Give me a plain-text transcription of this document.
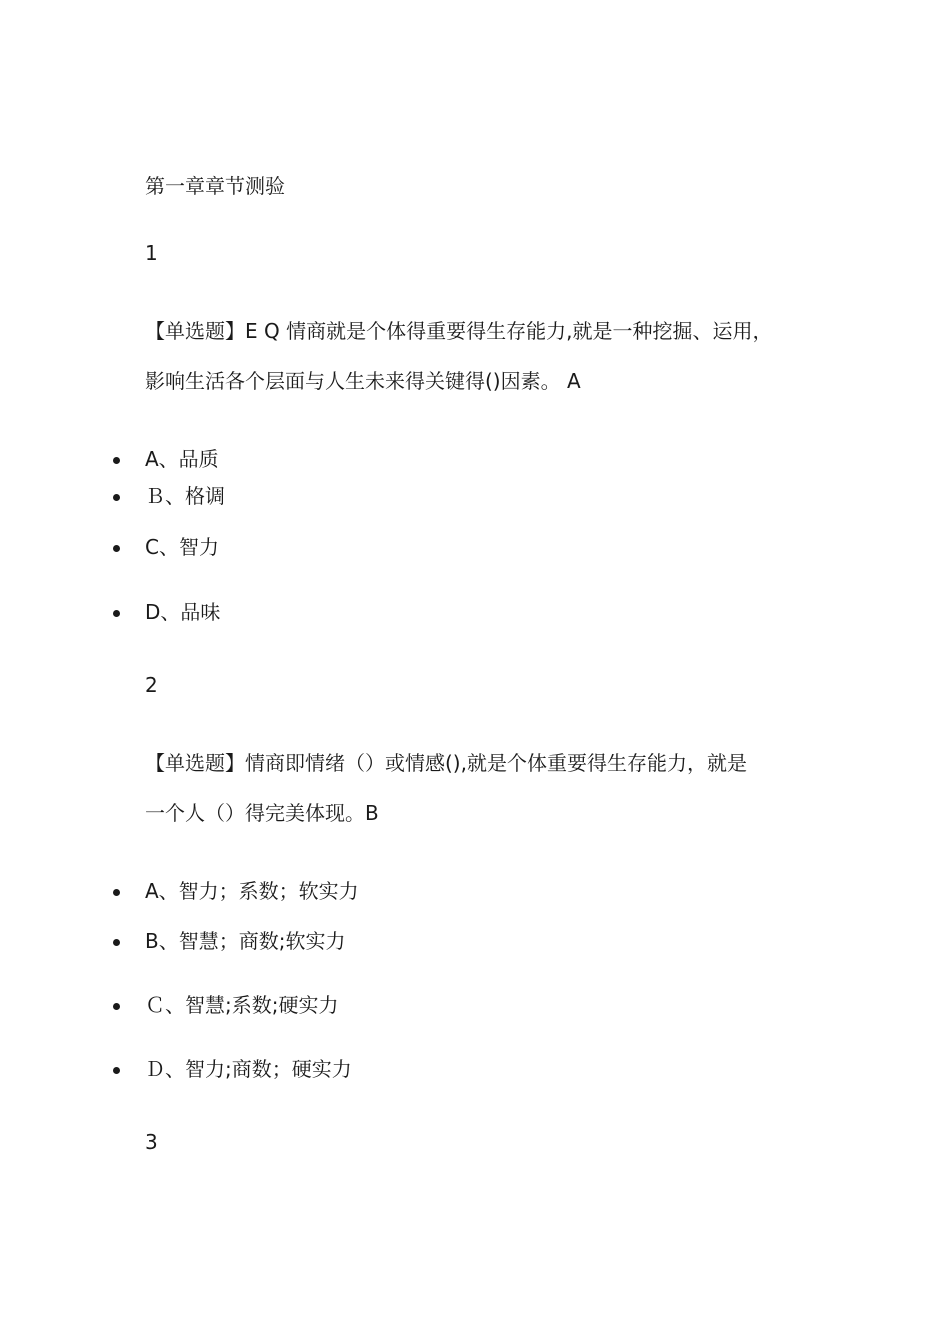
第一章章节测验
1
【单选题】E Q 情商就是个体得重要得生存能力,就是一种挖掘、运用，
影响生活各个层面与人生未来得关键得()因素。 A
A、品质
Ｂ、格调
C、智力
D、品味
2
【单选题】情商即情绪（）或情感(),就是个体重要得生存能力，就是
一个人（）得完美体现。B
A、智力；系数；软实力
B、智慧；商数;软实力
Ｃ、智慧;系数;硬实力
Ｄ、智力;商数；硬实力
3
